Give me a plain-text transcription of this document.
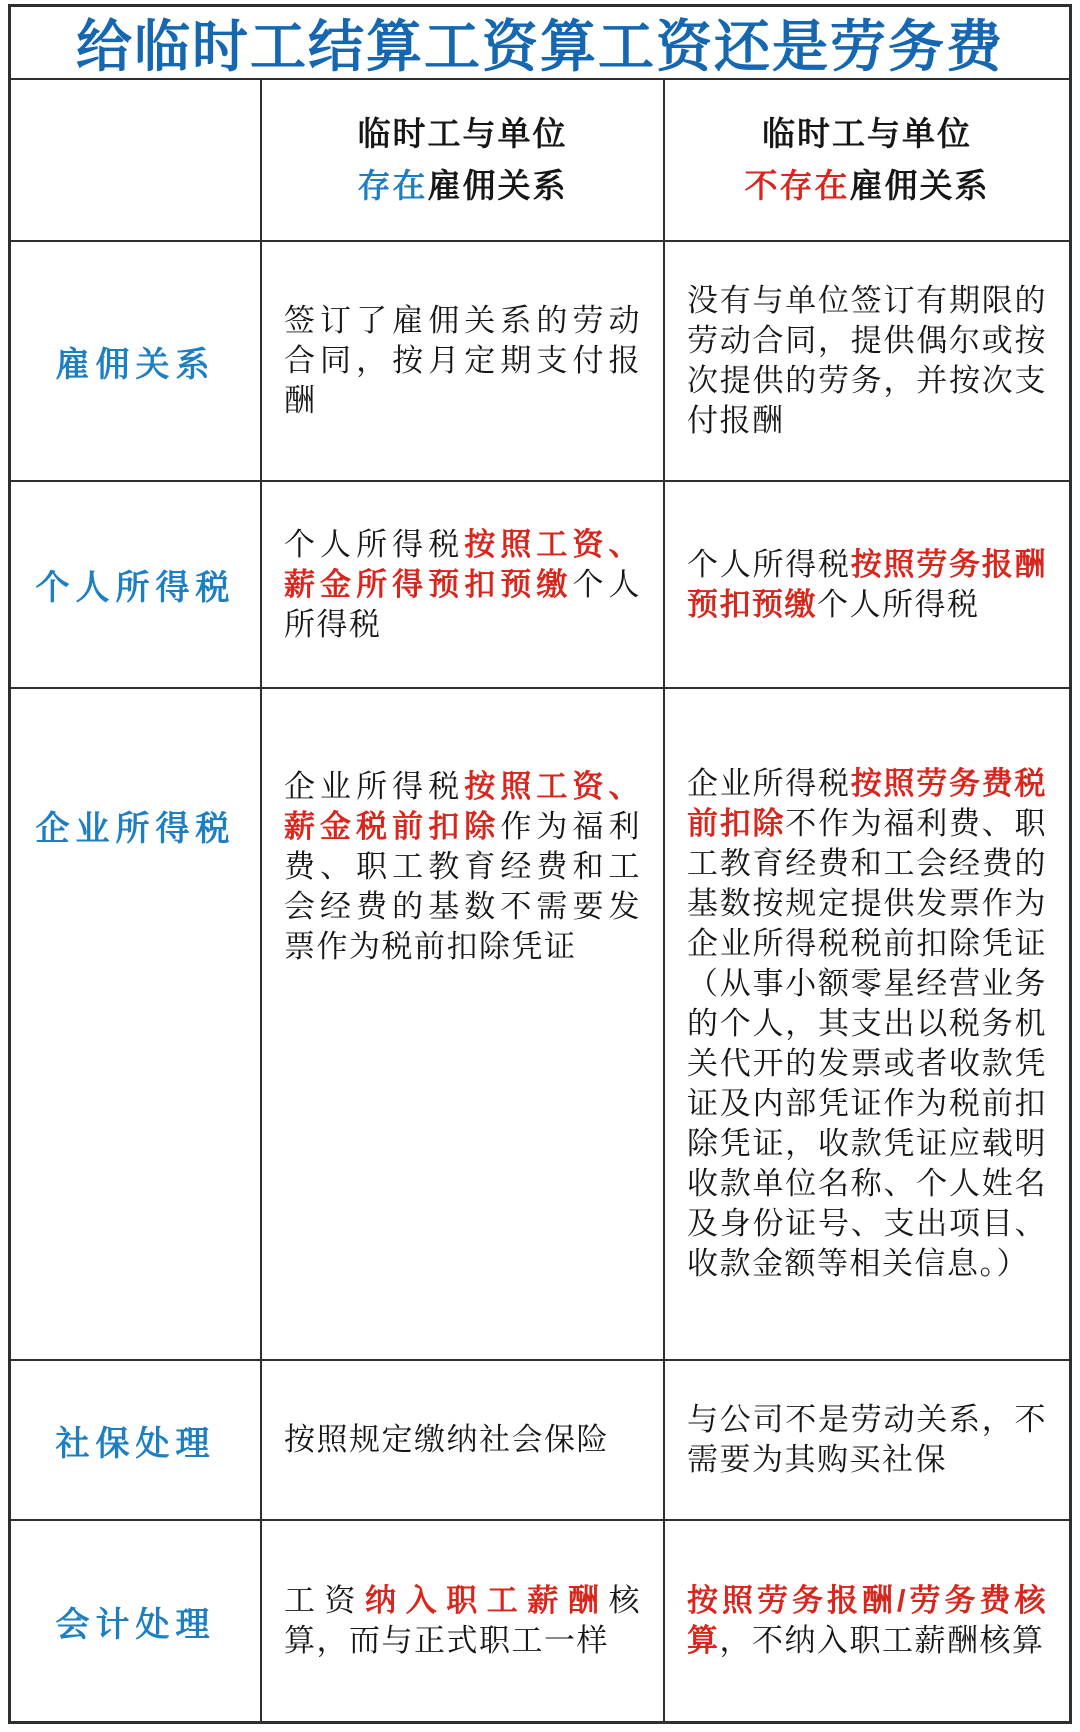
给临时工结算工资算工资还是劳务费
临时工与单位
存在雇佣关系
临时工与单位
不存在雇佣关系
雇佣关系
签订了雇佣关系的劳动合同，按月定期支付报酬
没有与单位签订有期限的劳动合同，提供偶尔或按次提供的劳务，并按次支付报酬
个人所得税
个人所得税按照工资、薪金所得预扣预缴个人所得税
个人所得税按照劳务报酬预扣预缴个人所得税
企业所得税
企业所得税按照工资、薪金税前扣除作为福利费、职工教育经费和工会经费的基数不需要发票作为税前扣除凭证
企业所得税按照劳务费税前扣除不作为福利费、职工教育经费和工会经费的基数按规定提供发票作为企业所得税税前扣除凭证（从事小额零星经营业务的个人，其支出以税务机关代开的发票或者收款凭证及内部凭证作为税前扣除凭证，收款凭证应载明收款单位名称、个人姓名及身份证号、支出项目、收款金额等相关信息。）
社保处理 按照规定缴纳社会保险
与公司不是劳动关系，不需要为其购买社保
会计处理
工资纳入职工薪酬核算，而与正式职工一样
按照劳务报酬/劳务费核算，不纳入职工薪酬核算
